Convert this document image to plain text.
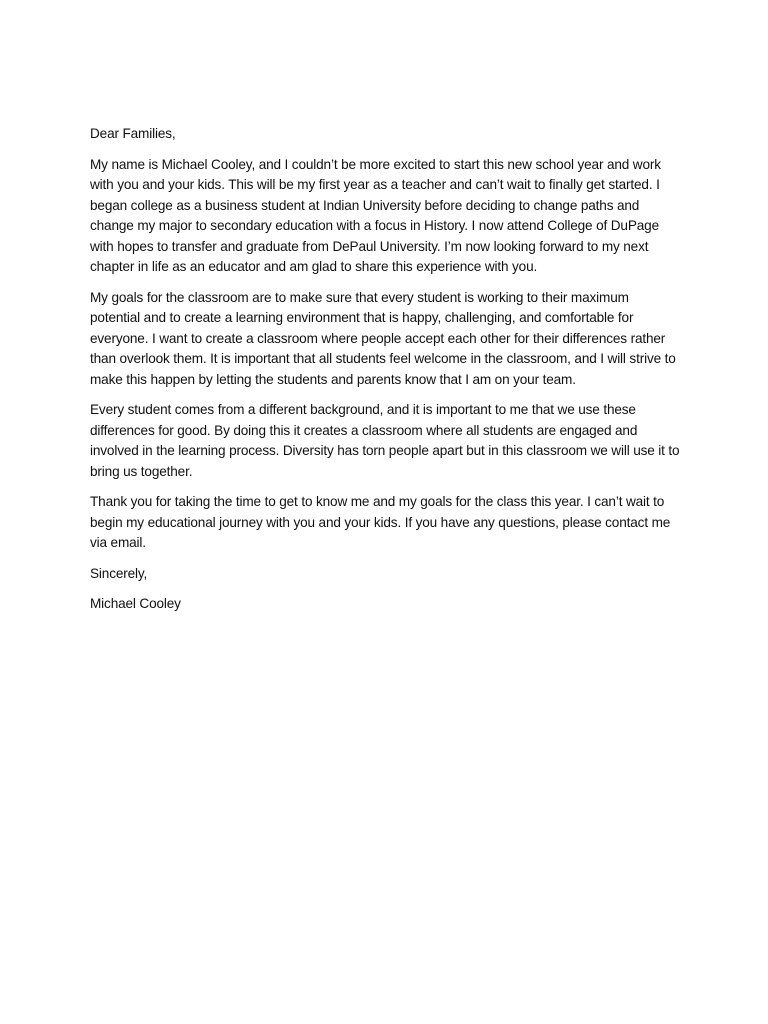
Dear Families,

My name is Michael Cooley, and I couldn’t be more excited to start this new school year and work with you and your kids. This will be my first year as a teacher and can’t wait to finally get started. I began college as a business student at Indian University before deciding to change paths and change my major to secondary education with a focus in History. I now attend College of DuPage with hopes to transfer and graduate from DePaul University. I’m now looking forward to my next chapter in life as an educator and am glad to share this experience with you.

My goals for the classroom are to make sure that every student is working to their maximum potential and to create a learning environment that is happy, challenging, and comfortable for everyone. I want to create a classroom where people accept each other for their differences rather than overlook them. It is important that all students feel welcome in the classroom, and I will strive to make this happen by letting the students and parents know that I am on your team.

Every student comes from a different background, and it is important to me that we use these differences for good. By doing this it creates a classroom where all students are engaged and involved in the learning process. Diversity has torn people apart but in this classroom we will use it to bring us together.

Thank you for taking the time to get to know me and my goals for the class this year. I can’t wait to begin my educational journey with you and your kids. If you have any questions, please contact me via email.

Sincerely,

Michael Cooley
